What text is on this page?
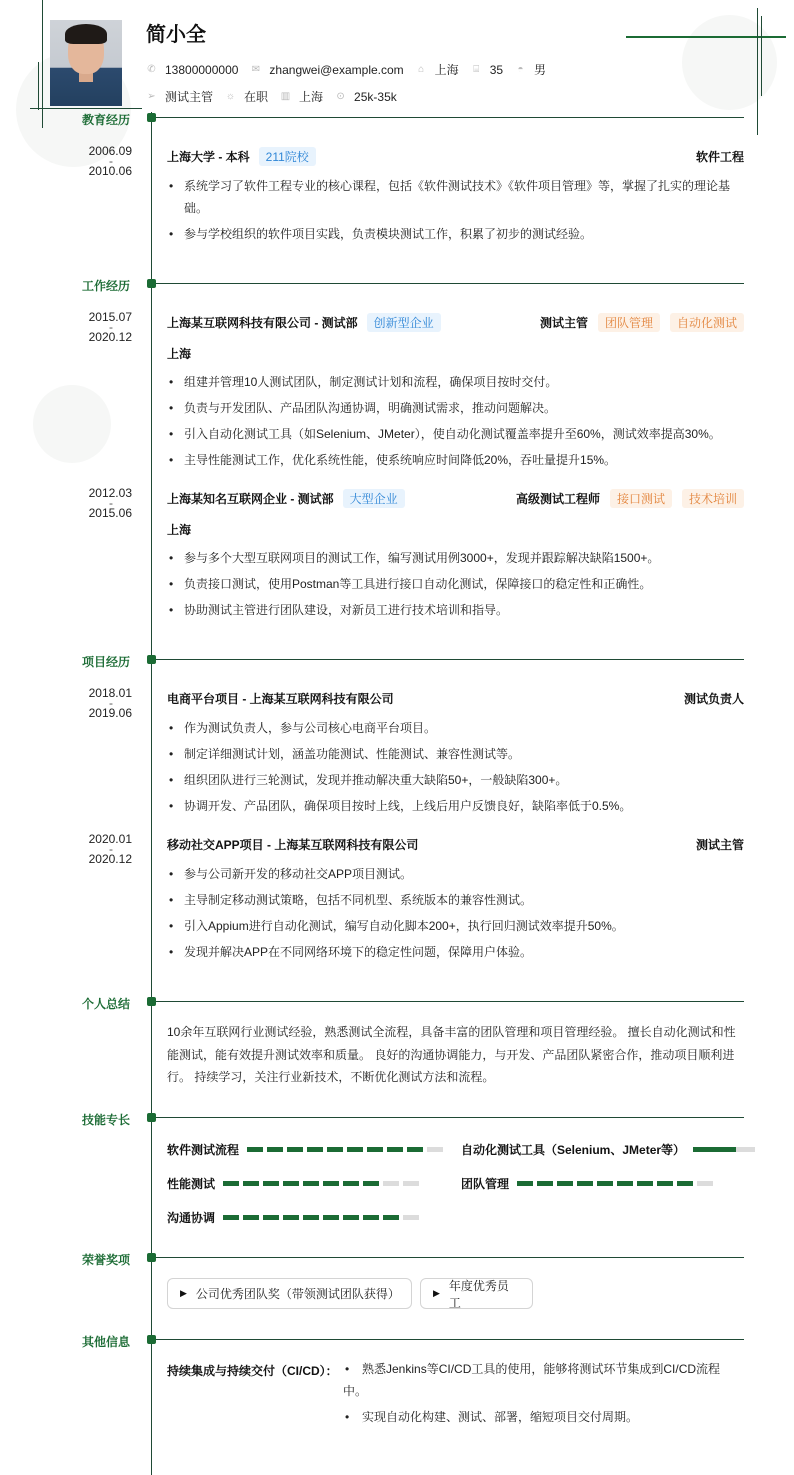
简小全
✆ 13800000000 ✉ zhangwei@example.com ⌂ 上海 ⌸ 35 ◓ 男
➢ 测试主管 ☼ 在职 ▥ 上海 ⊙ 25k-35k
教育经历
2006.09
-
2010.06
上海大学 - 本科	211院校	软件工程
• 系统学习了软件工程专业的核心课程，包括《软件测试技术》《软件项目管理》等，掌握了扎实的理论基础。
• 参与学校组织的软件项目实践，负责模块测试工作，积累了初步的测试经验。
工作经历
2015.07
-
2020.12
上海某互联网科技有限公司 - 测试部	创新型企业	测试主管	团队管理	自动化测试
上海
• 组建并管理10人测试团队，制定测试计划和流程，确保项目按时交付。
• 负责与开发团队、产品团队沟通协调，明确测试需求，推动问题解决。
• 引入自动化测试工具（如Selenium、JMeter），使自动化测试覆盖率提升至60%，测试效率提高30%。
• 主导性能测试工作，优化系统性能，使系统响应时间降低20%，吞吐量提升15%。
2012.03
-
2015.06
上海某知名互联网企业 - 测试部	大型企业	高级测试工程师	接口测试	技术培训
上海
• 参与多个大型互联网项目的测试工作，编写测试用例3000+，发现并跟踪解决缺陷1500+。
• 负责接口测试，使用Postman等工具进行接口自动化测试，保障接口的稳定性和正确性。
• 协助测试主管进行团队建设，对新员工进行技术培训和指导。
项目经历
2018.01
-
2019.06
电商平台项目 - 上海某互联网科技有限公司	测试负责人
• 作为测试负责人，参与公司核心电商平台项目。
• 制定详细测试计划，涵盖功能测试、性能测试、兼容性测试等。
• 组织团队进行三轮测试，发现并推动解决重大缺陷50+，一般缺陷300+。
• 协调开发、产品团队，确保项目按时上线，上线后用户反馈良好，缺陷率低于0.5%。
2020.01
-
2020.12
移动社交APP项目 - 上海某互联网科技有限公司	测试主管
• 参与公司新开发的移动社交APP项目测试。
• 主导制定移动测试策略，包括不同机型、系统版本的兼容性测试。
• 引入Appium进行自动化测试，编写自动化脚本200+，执行回归测试效率提升50%。
• 发现并解决APP在不同网络环境下的稳定性问题，保障用户体验。
个人总结
10余年互联网行业测试经验，熟悉测试全流程，具备丰富的团队管理和项目管理经验。 擅长自动化测试和性能测试，能有效提升测试效率和质量。 良好的沟通协调能力，与开发、产品团队紧密合作，推动项目顺利进行。 持续学习，关注行业新技术，不断优化测试方法和流程。
技能专长
软件测试流程	自动化测试工具（Selenium、JMeter等）
性能测试	团队管理
沟通协调
荣誉奖项
▶ 公司优秀团队奖（带领测试团队获得）	▶
年度优秀员工
其他信息
持续集成与持续交付（CI/CD）：	• 熟悉Jenkins等CI/CD工具的使用，能够将测试环节集成到CI/CD流程中。
• 实现自动化构建、测试、部署，缩短项目交付周期。
